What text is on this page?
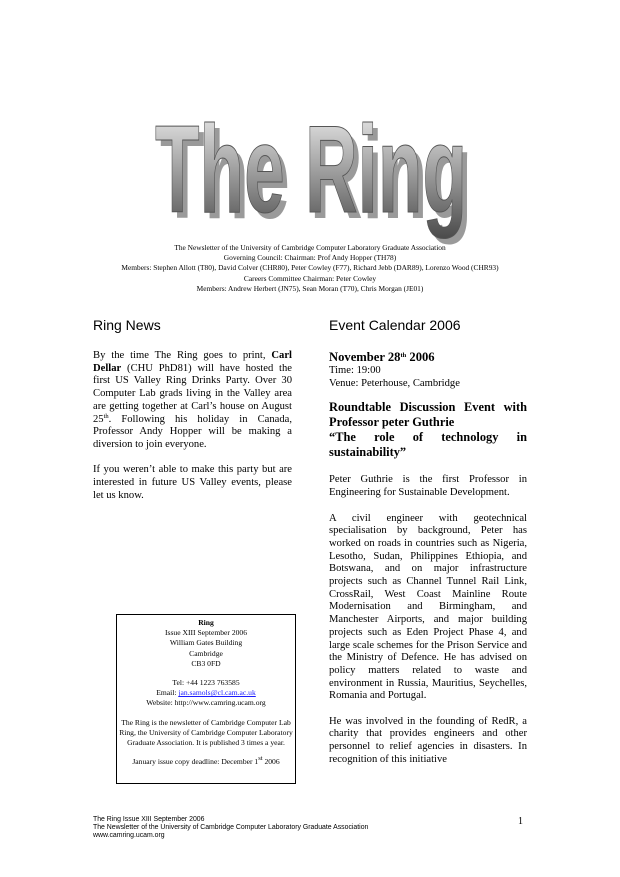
The Ring
The Ring
The Newsletter of the University of Cambridge Computer Laboratory Graduate Association
Governing Council: Chairman: Prof Andy Hopper (TH78)
Members: Stephen Allott (T80), David Colver (CHR80), Peter Cowley (F77), Richard Jebb (DAR89), Lorenzo Wood (CHR93)
Careers Committee Chairman: Peter Cowley
Members: Andrew Herbert (JN75), Sean Moran (T70), Chris Morgan (JE01)
Ring News

By the time The Ring goes to print, Carl Dellar (CHU PhD81) will have hosted the first US Valley Ring Drinks Party. Over 30 Computer Lab grads living in the Valley area are getting together at Carl’s house on August 25th. Following his holiday in Canada, Professor Andy Hopper will be making a diversion to join everyone.

If you weren’t able to make this party but are interested in future US Valley events, please let us know.

Ring
Issue XIII September 2006
William Gates Building
Cambridge

CB3 0FD

Tel: +44 1223 763585
Email: jan.samols@cl.cam.ac.uk

Website: http://www.camring.ucam.org

The Ring is the newsletter of Cambridge Computer Lab Ring, the University of Cambridge Computer Laboratory Graduate Association. It is published 3 times a year.

January issue copy deadline: December 1st 2006

Event Calendar 2006
November 28th 2006
Time: 19:00
Venue: Peterhouse, Cambridge
Roundtable Discussion Event with Professor peter Guthrie
“The role of technology in sustainability”

Peter Guthrie is the first Professor in Engineering for Sustainable Development.

A civil engineer with geotechnical specialisation by background, Peter has worked on roads in countries such as Nigeria, Lesotho, Sudan, Philippines Ethiopia, and Botswana, and on major infrastructure projects such as Channel Tunnel Rail Link, CrossRail, West Coast Mainline Route Modernisation and Birmingham, and Manchester Airports, and major building projects such as Eden Project Phase 4, and large scale schemes for the Prison Service and the Ministry of Defence. He has advised on policy matters related to waste and environment in Russia, Mauritius, Seychelles, Romania and Portugal.

He was involved in the founding of RedR, a charity that provides engineers and other personnel to relief agencies in disasters. In recognition of this initiative

The Ring Issue XIII September 2006
The Newsletter of the University of Cambridge Computer Laboratory Graduate Association
www.camring.ucam.org
1
